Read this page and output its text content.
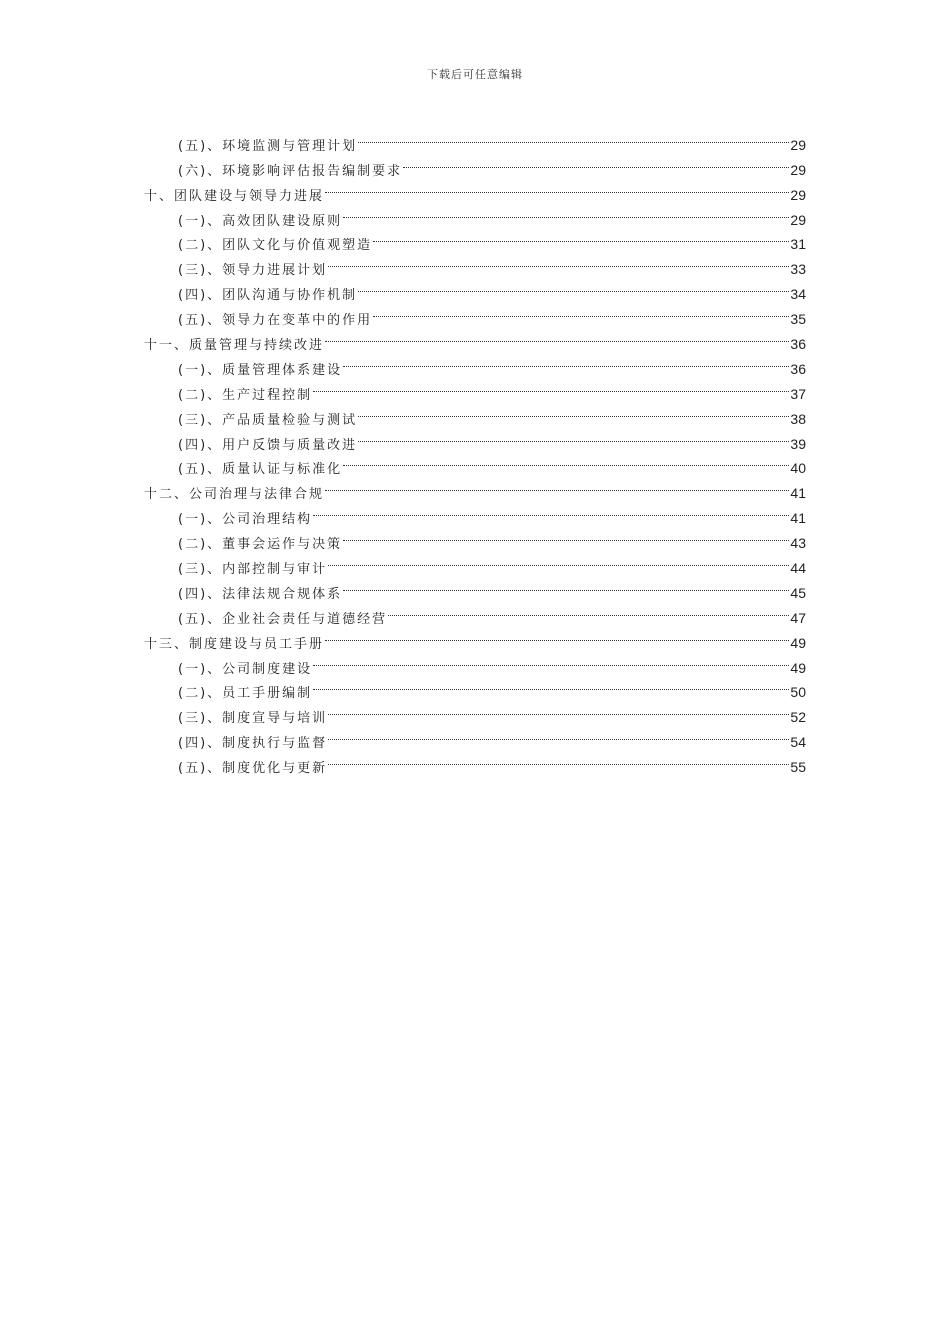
下载后可任意编辑
(五)、环境监测与管理计划	29
(六)、环境影响评估报告编制要求	29
十、团队建设与领导力进展	29
(一)、高效团队建设原则	29
(二)、团队文化与价值观塑造	31
(三)、领导力进展计划	33
(四)、团队沟通与协作机制	34
(五)、领导力在变革中的作用	35
十一、质量管理与持续改进	36
(一)、质量管理体系建设	36
(二)、生产过程控制	37
(三)、产品质量检验与测试	38
(四)、用户反馈与质量改进	39
(五)、质量认证与标准化	40
十二、公司治理与法律合规	41
(一)、公司治理结构	41
(二)、董事会运作与决策	43
(三)、内部控制与审计	44
(四)、法律法规合规体系	45
(五)、企业社会责任与道德经营	47
十三、制度建设与员工手册	49
(一)、公司制度建设	49
(二)、员工手册编制	50
(三)、制度宣导与培训	52
(四)、制度执行与监督	54
(五)、制度优化与更新	55
